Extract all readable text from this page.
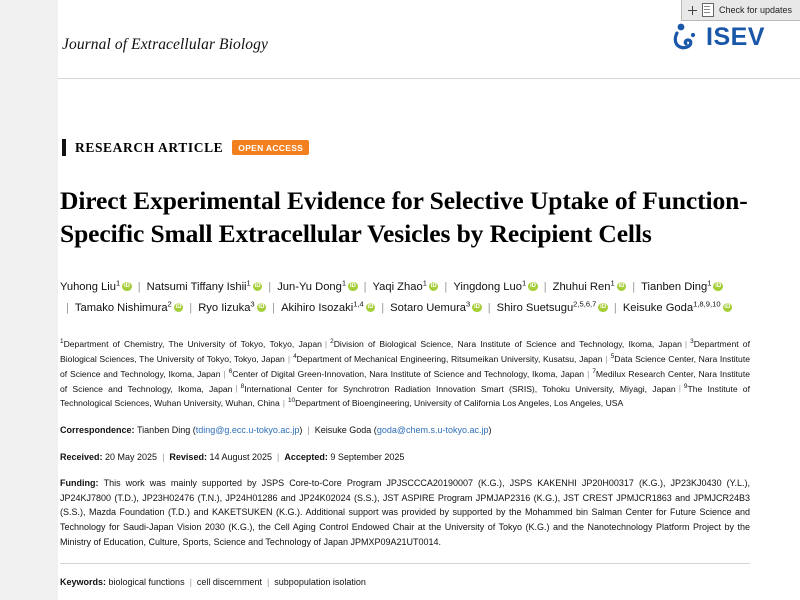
Check for updates
Journal of Extracellular Biology	ISEV
RESEARCH ARTICLE	OPEN ACCESS
Direct Experimental Evidence for Selective Uptake of Function-Specific Small Extracellular Vesicles by Recipient Cells
Yuhong Liu$^1$ iD | Natsumi Tiffany Ishii$^1$ iD | Jun-Yu Dong$^1$ iD | Yaqi Zhao$^1$ iD | Yingdong Luo$^1$ iD | Zhuhui Ren$^1$ iD | Tianben Ding$^1$iD| Tamako Nishimura$^2$ iD | Ryo Iizuka$^3$ iD | Akihiro Isozaki$^{1,4}$ iD | Sotaro Uemura$^3$ iD | Shiro Suetsugu$^{2,5,6,7}$ iD | Keisuke Goda$^{1,8,9,10}$iD
$^1$Department of Chemistry, The University of Tokyo, Tokyo, Japan | $^2$Division of Biological Science, Nara Institute of Science and Technology, Ikoma, Japan | $^3$Department of Biological Sciences, The University of Tokyo, Tokyo, Japan | $^4$Department of Mechanical Engineering, Ritsumeikan University, Kusatsu, Japan | $^5$Data Science Center, Nara Institute of Science and Technology, Ikoma, Japan | $^6$Center of Digital Green-Innovation, Nara Institute of Science and Technology, Ikoma, Japan | $^7$Medilux Research Center, Nara Institute of Science and Technology, Ikoma, Japan | $^8$International Center for Synchrotron Radiation Innovation Smart (SRIS), Tohoku University, Miyagi, Japan | $^9$The Institute of Technological Sciences, Wuhan University, Wuhan, China | $^{10}$Department of Bioengineering, University of California Los Angeles, Los Angeles, USA
Correspondence: Tianben Ding (tding@g.ecc.u-tokyo.ac.jp) | Keisuke Goda (goda@chem.s.u-tokyo.ac.jp)
Received: 20 May 2025 | Revised: 14 August 2025 | Accepted: 9 September 2025
Funding: This work was mainly supported by JSPS Core-to-Core Program JPJSCCCA20190007 (K.G.), JSPS KAKENHI JP20H00317 (K.G.), JP23KJ0430 (Y.L.), JP24KJ7800 (T.D.), JP23H02476 (T.N.), JP24H01286 and JP24K02024 (S.S.), JST ASPIRE Program JPMJAP2316 (K.G.), JST CREST JPMJCR1863 and JPMJCR24B3 (S.S.), Mazda Foundation (T.D.) and KAKETSUKEN (K.G.). Additional support was provided by supported by the Mohammed bin Salman Center for Future Science and Technology for Saudi-Japan Vision 2030 (K.G.), the Cell Aging Control Endowed Chair at the University of Tokyo (K.G.) and the Nanotechnology Platform Project by the Ministry of Education, Culture, Sports, Science and Technology of Japan JPMXP09A21UT0014.
Keywords: biological functions | cell discernment | subpopulation isolation
